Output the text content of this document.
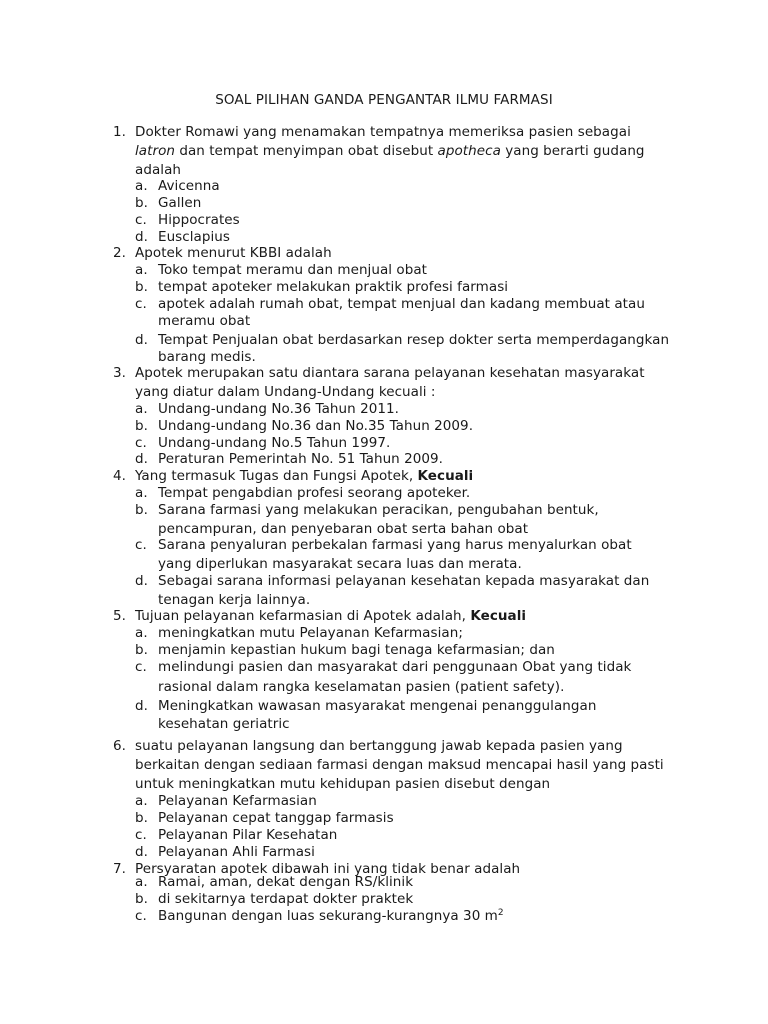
SOAL PILIHAN GANDA PENGANTAR ILMU FARMASI
1. Dokter Romawi yang menamakan tempatnya memeriksa pasien sebagai
latron dan tempat menyimpan obat disebut apotheca yang berarti gudang
adalah
a. Avicenna
b. Gallen
c. Hippocrates
d. Eusclapius
2. Apotek menurut KBBI adalah
a. Toko tempat meramu dan menjual obat
b. tempat apoteker melakukan praktik profesi farmasi
c. apotek adalah rumah obat, tempat menjual dan kadang membuat atau
meramu obat
d. Tempat Penjualan obat berdasarkan resep dokter serta memperdagangkan
barang medis.
3. Apotek merupakan satu diantara sarana pelayanan kesehatan masyarakat
yang diatur dalam Undang-Undang kecuali :
a. Undang-undang No.36 Tahun 2011.
b. Undang-undang No.36 dan No.35 Tahun 2009.
c. Undang-undang No.5 Tahun 1997.
d. Peraturan Pemerintah No. 51 Tahun 2009.
4. Yang termasuk Tugas dan Fungsi Apotek, Kecuali
a. Tempat pengabdian profesi seorang apoteker.
b. Sarana farmasi yang melakukan peracikan, pengubahan bentuk,
pencampuran, dan penyebaran obat serta bahan obat
c. Sarana penyaluran perbekalan farmasi yang harus menyalurkan obat
yang diperlukan masyarakat secara luas dan merata.
d. Sebagai sarana informasi pelayanan kesehatan kepada masyarakat dan
tenagan kerja lainnya.
5. Tujuan pelayanan kefarmasian di Apotek adalah, Kecuali
a. meningkatkan mutu Pelayanan Kefarmasian;
b. menjamin kepastian hukum bagi tenaga kefarmasian; dan
c. melindungi pasien dan masyarakat dari penggunaan Obat yang tidak
rasional dalam rangka keselamatan pasien (patient safety).
d. Meningkatkan wawasan masyarakat mengenai penanggulangan
kesehatan geriatric
6. suatu pelayanan langsung dan bertanggung jawab kepada pasien yang
berkaitan dengan sediaan farmasi dengan maksud mencapai hasil yang pasti
untuk meningkatkan mutu kehidupan pasien disebut dengan
a. Pelayanan Kefarmasian
b. Pelayanan cepat tanggap farmasis
c. Pelayanan Pilar Kesehatan
d. Pelayanan Ahli Farmasi
7. Persyaratan apotek dibawah ini yang tidak benar adalah
a. Ramai, aman, dekat dengan RS/klinik
b. di sekitarnya terdapat dokter praktek
c. Bangunan dengan luas sekurang-kurangnya 30 $m^2$
